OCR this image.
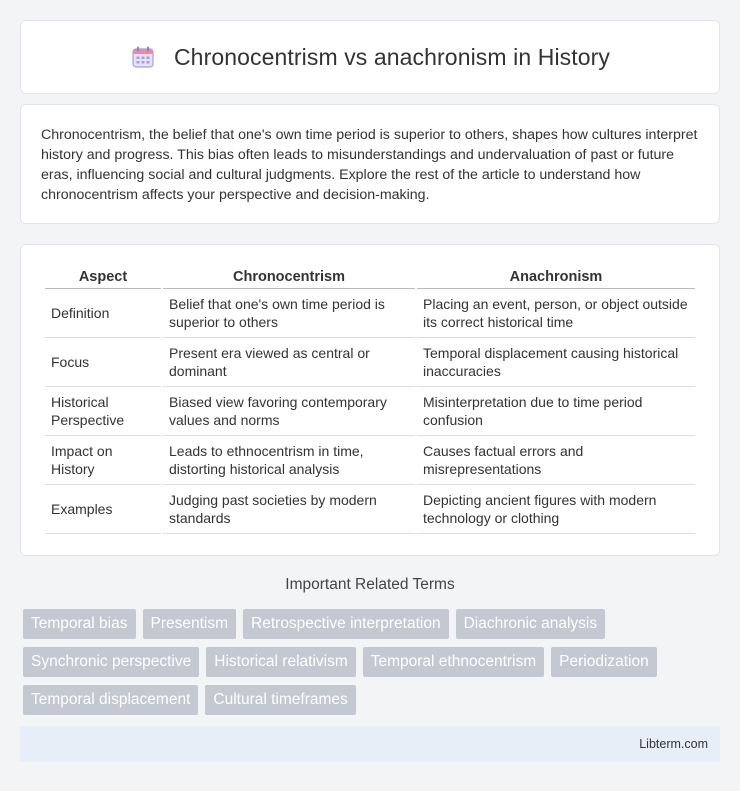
Chronocentrism vs anachronism in History

Chronocentrism, the belief that one's own time period is superior to others, shapes how cultures interpret history and progress. This bias often leads to misunderstandings and undervaluation of past or future eras, influencing social and cultural judgments. Explore the rest of the article to understand how chronocentrism affects your perspective and decision-making.

Aspect	Chronocentrism	Anachronism
Definition	Belief that one's own time period is superior to others	Placing an event, person, or object outside its correct historical time
Focus	Present era viewed as central or dominant	Temporal displacement causing historical inaccuracies
Historical Perspective	Biased view favoring contemporary values and norms	Misinterpretation due to time period confusion
Impact on History	Leads to ethnocentrism in time, distorting historical analysis	Causes factual errors and misrepresentations
Examples	Judging past societies by modern standards	Depicting ancient figures with modern technology or clothing
Important Related Terms
Temporal bias	Presentism	Retrospective interpretation	Diachronic analysis
Synchronic perspective	Historical relativism	Temporal ethnocentrism	Periodization
Temporal displacement	Cultural timeframes
Libterm.com
